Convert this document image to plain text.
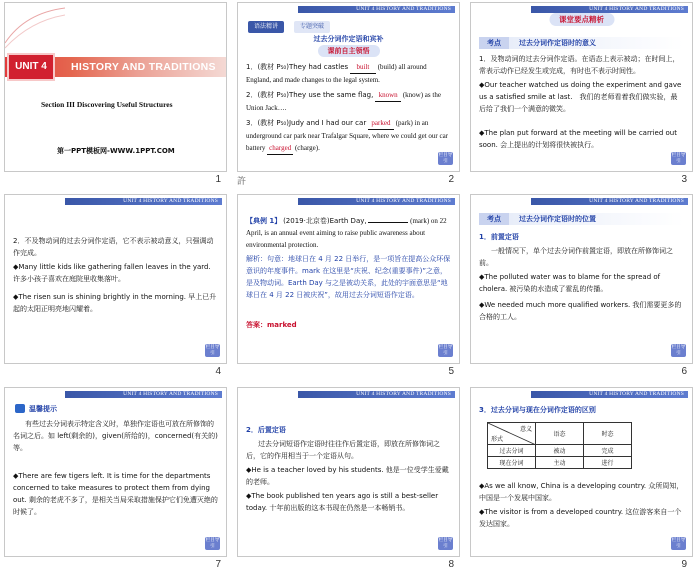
UNIT 4	HISTORY AND TRADITIONS
Section III Discovering Useful Structures
第一PPT模板网-WWW.1PPT.COM
1
UNIT 4 HISTORY AND TRADITIONS
语法精讲	专题突破
过去分词作定语和宾补
课前自主领悟
1．(教材 P₅₀)They had castles built (build) all around England, and made changes to the legal system.
2．(教材 P₅₀)They use the same flag, known (know) as the Union Jack….
3．(教材 P₅₀)Judy and I had our car parked (park) in an underground car park near Trafalgar Square, where we could get our car battery charged (charge).
栏目导引
許	2
UNIT 4 HISTORY AND TRADITIONS
课堂要点精析
考点	过去分词作定语时的意义
1．及物动词的过去分词作定语。在语态上表示被动；在时间上，常表示动作已经发生或完成，有时也不表示时间性。
◆Our teacher watched us doing the experiment and gave us a satisfied smile at last.　我们的老师看着我们做实验，最后给了我们一个满意的微笑。
◆The plan put forward at the meeting will be carried out soon. 会上提出的计划将很快被执行。
栏目导引
3
UNIT 4 HISTORY AND TRADITIONS
2．不及物动词的过去分词作定语，它不表示被动意义，只强调动作完成。
◆Many little kids like gathering fallen leaves in the yard. 许多小孩子喜欢在庭院里收集落叶。
◆The risen sun is shining brightly in the morning. 早上已升起的太阳正明亮地闪耀着。
栏目导引
4
UNIT 4 HISTORY AND TRADITIONS
【典例 1】 (2019·北京卷)Earth Day,	(mark) on 22 April, is an annual event aiming to raise public awareness about environmental protection.
解析：句意：地球日在 4 月 22 日举行，是一项旨在提高公众环保意识的年度事件。mark 在这里是“庆祝、纪念(重要事件)”之意，是及物动词。Earth Day 与之是被动关系，此处的宇面意思是“地球日在 4 月 22 日被庆祝”，故用过去分词短语作定语。
答案：marked
栏目导引
5
UNIT 4 HISTORY AND TRADITIONS
考点	过去分词作定语时的位置
1．前置定语
一般情况下，单个过去分词作前置定语，即放在所修饰词之前。
◆The polluted water was to blame for the spread of cholera. 被污染的水造成了霍乱的传播。
◆We needed much more qualified workers. 我们需要更多的合格的工人。
栏目导引
6
UNIT 4 HISTORY AND TRADITIONS
温馨提示
有些过去分词表示特定含义时，单独作定语也可放在所修饰的名词之后。如 left(剩余的)，given(所给的)，concerned(有关的)等。
◆There are few tigers left. It is time for the departments concerned to take measures to protect them from dying out. 剩余的老虎不多了，是相关当局采取措施保护它们免遭灭绝的时候了。
栏目导引
7
UNIT 4 HISTORY AND TRADITIONS
2．后置定语
过去分词短语作定语时往往作后置定语，即放在所修饰词之后，它的作用相当于一个定语从句。
◆He is a teacher loved by his students. 他是一位受学生爱戴的老师。
◆The book published ten years ago is still a best-seller today. 十年前出版的这本书现在仍然是一本畅销书。
栏目导引
8
UNIT 4 HISTORY AND TRADITIONS
3．过去分词与现在分词作定语的区别
意义
形式	语态	时态
过去分词	被动	完成
现在分词	主动	进行
◆As we all know, China is a developing country. 众所周知，中国是一个发展中国家。
◆The visitor is from a developed country. 这位游客来自一个发达国家。
栏目导引
9
